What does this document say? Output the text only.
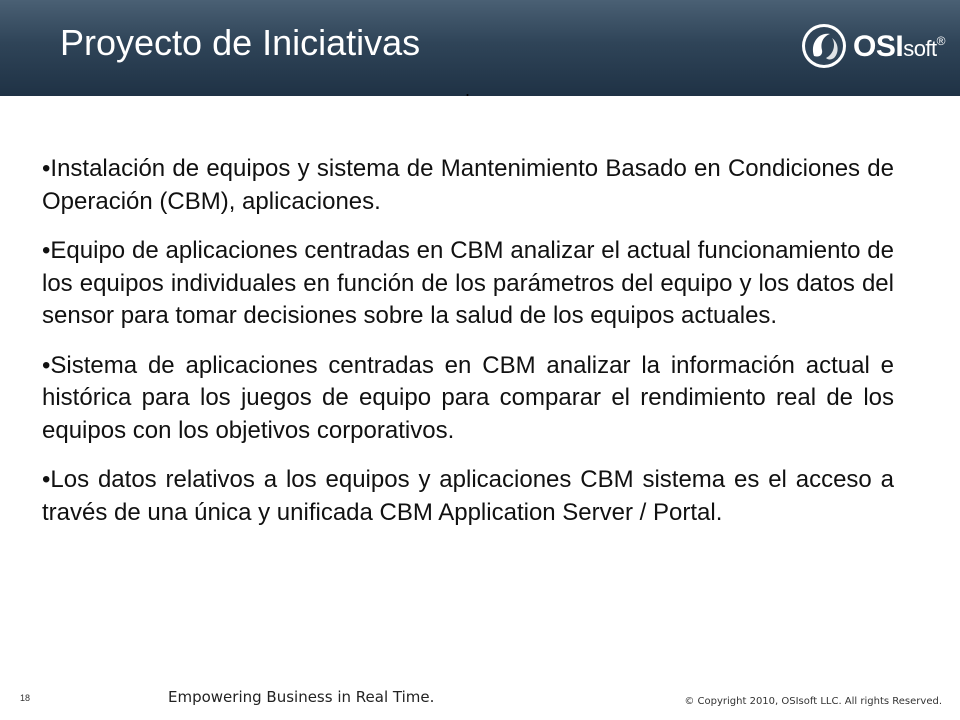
Proyecto de Iniciativas	OSIsoft®
.

•Instalación de equipos y sistema de Mantenimiento Basado en Condiciones de Operación (CBM), aplicaciones.

•Equipo de aplicaciones centradas en CBM analizar el actual funcionamiento de los equipos individuales en función de los parámetros del equipo y los datos del sensor para tomar decisiones sobre la salud de los equipos actuales.

•Sistema de aplicaciones centradas en CBM analizar la información actual e histórica para los juegos de equipo para comparar el rendimiento real de los equipos con los objetivos corporativos.

•Los datos relativos a los equipos y aplicaciones CBM sistema es el acceso a través de una única y unificada CBM Application Server / Portal.

18	Empowering Business in Real Time.	© Copyright 2010, OSIsoft LLC. All rights Reserved.
